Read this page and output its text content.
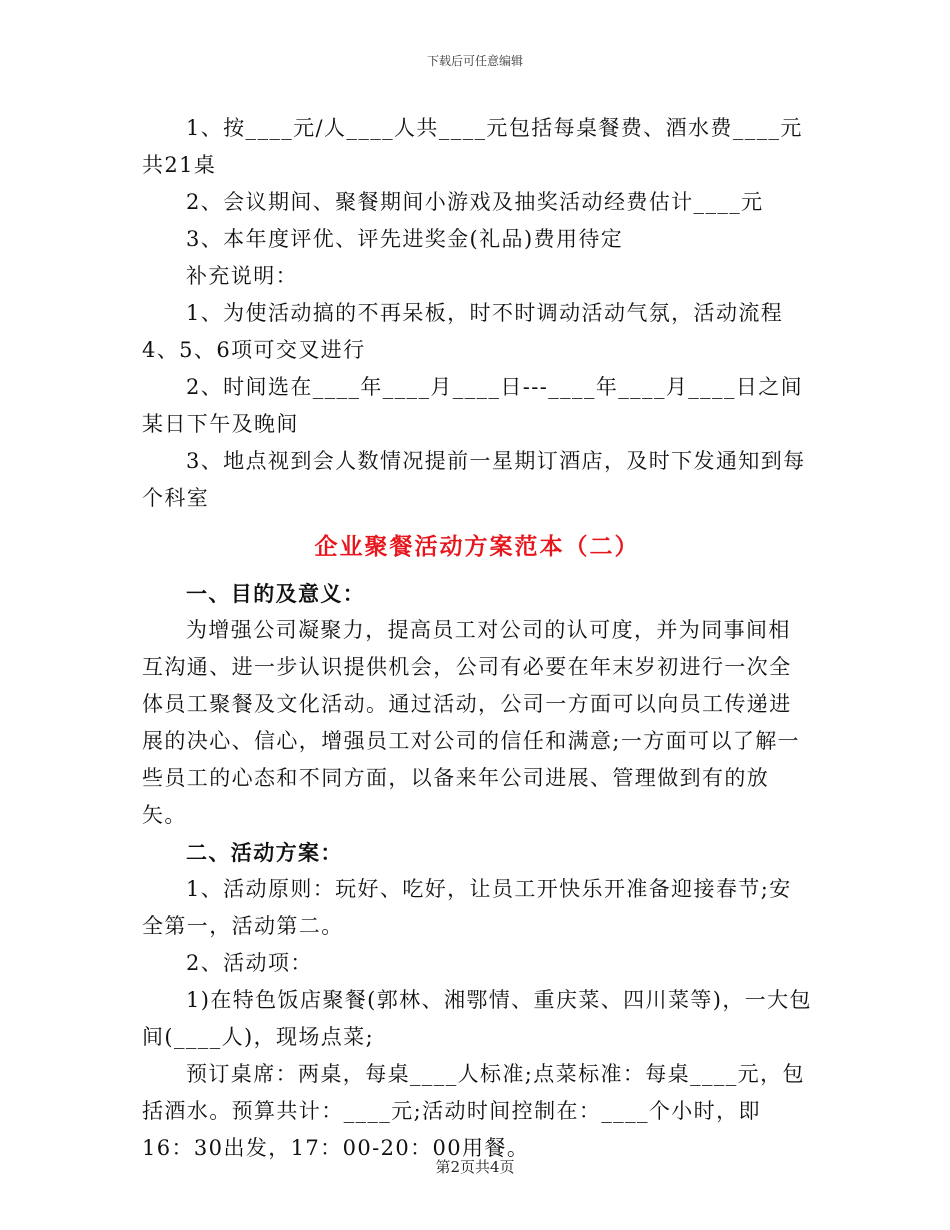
下载后可任意编辑

1、按____元/人____人共____元包括每桌餐费、酒水费____元共21桌

2、会议期间、聚餐期间小游戏及抽奖活动经费估计____元

3、本年度评优、评先进奖金(礼品)费用待定

补充说明：

1、为使活动搞的不再呆板，时不时调动活动气氛，活动流程4、5、6项可交叉进行

2、时间选在____年____月____日---____年____月____日之间某日下午及晚间

3、地点视到会人数情况提前一星期订酒店，及时下发通知到每个科室

企业聚餐活动方案范本（二）

一、目的及意义：

为增强公司凝聚力，提高员工对公司的认可度，并为同事间相互沟通、进一步认识提供机会，公司有必要在年末岁初进行一次全体员工聚餐及文化活动。通过活动，公司一方面可以向员工传递进展的决心、信心，增强员工对公司的信任和满意;一方面可以了解一些员工的心态和不同方面，以备来年公司进展、管理做到有的放矢。

二、活动方案：

1、活动原则：玩好、吃好，让员工开快乐开准备迎接春节;安全第一，活动第二。

2、活动项：

1)在特色饭店聚餐(郭林、湘鄂情、重庆菜、四川菜等)，一大包间(____人)，现场点菜;

预订桌席：两桌，每桌____人标准;点菜标准：每桌____元，包括酒水。预算共计：____元;活动时间控制在：____个小时，即16：30出发，17：00-20：00用餐。

第2页共4页
